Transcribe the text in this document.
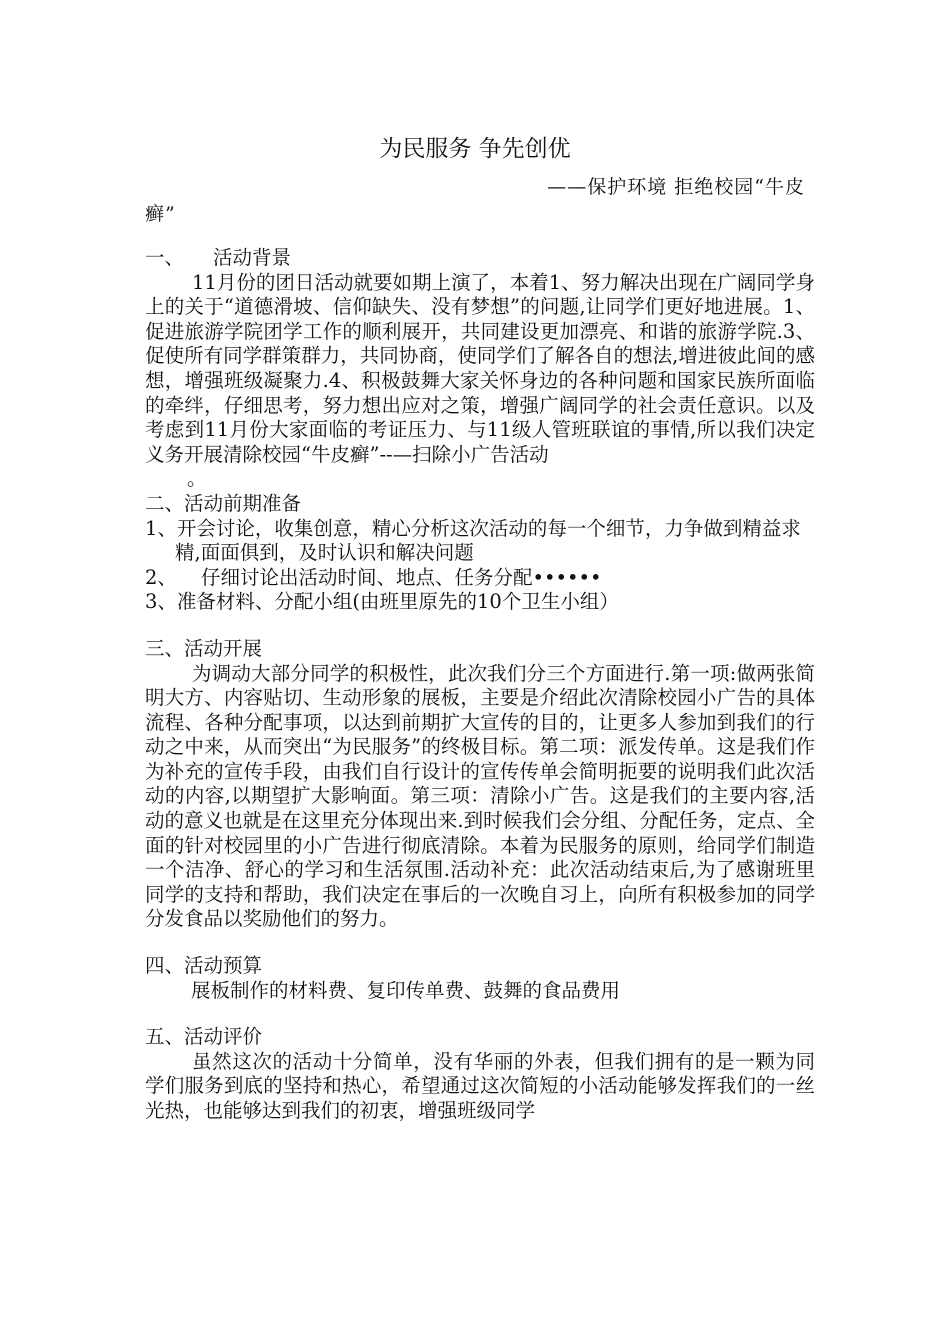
为民服务 争先创优
——保护环境 拒绝校园“牛皮
癣”

一、 活动背景

11月份的团日活动就要如期上演了，本着1、努力解决出现在广阔同学身上的关于“道德滑坡、信仰缺失、没有梦想”的问题,让同学们更好地进展。1、促进旅游学院团学工作的顺利展开，共同建设更加漂亮、和谐的旅游学院.3、促使所有同学群策群力，共同协商，使同学们了解各自的想法,增进彼此间的感想，增强班级凝聚力.4、积极鼓舞大家关怀身边的各种问题和国家民族所面临的牵绊，仔细思考，努力想出应对之策，增强广阔同学的社会责任意识。以及考虑到11月份大家面临的考证压力、与11级人管班联谊的事情,所以我们决定义务开展清除校园“牛皮癣”--—扫除小广告活动

。

二、活动前期准备

1、开会讨论，收集创意，精心分析这次活动的每一个细节，力争做到精益求精,面面俱到，及时认识和解决问题

2、 仔细讨论出活动时间、地点、任务分配••••••

3、准备材料、分配小组(由班里原先的10个卫生小组）

三、活动开展

为调动大部分同学的积极性，此次我们分三个方面进行.第一项:做两张简明大方、内容贴切、生动形象的展板，主要是介绍此次清除校园小广告的具体流程、各种分配事项，以达到前期扩大宣传的目的，让更多人参加到我们的行动之中来，从而突出“为民服务”的终极目标。第二项：派发传单。这是我们作为补充的宣传手段，由我们自行设计的宣传传单会简明扼要的说明我们此次活动的内容,以期望扩大影响面。第三项：清除小广告。这是我们的主要内容,活动的意义也就是在这里充分体现出来.到时候我们会分组、分配任务，定点、全面的针对校园里的小广告进行彻底清除。本着为民服务的原则，给同学们制造一个洁净、舒心的学习和生活氛围.活动补充：此次活动结束后,为了感谢班里同学的支持和帮助，我们决定在事后的一次晚自习上，向所有积极参加的同学分发食品以奖励他们的努力。

四、活动预算

展板制作的材料费、复印传单费、鼓舞的食品费用

五、活动评价

虽然这次的活动十分简单，没有华丽的外表，但我们拥有的是一颗为同学们服务到底的坚持和热心，希望通过这次简短的小活动能够发挥我们的一丝光热，也能够达到我们的初衷，增强班级同学
